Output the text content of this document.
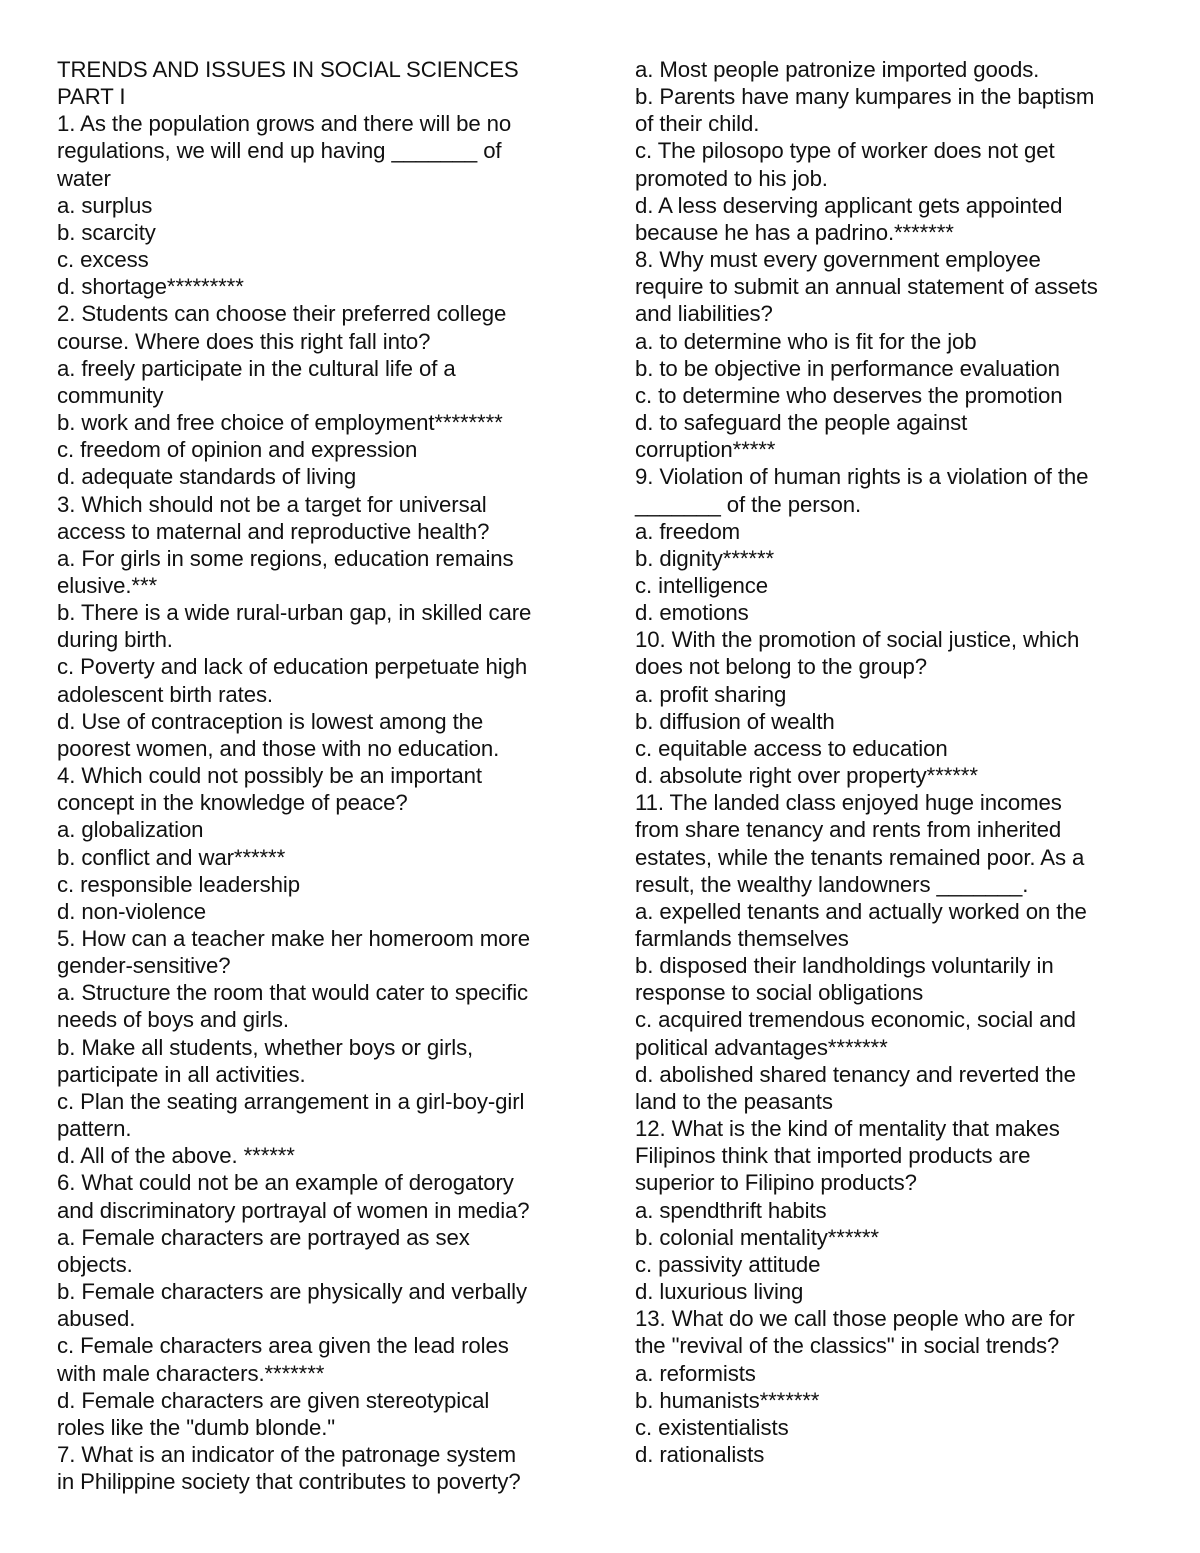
TRENDS AND ISSUES IN SOCIAL SCIENCES
PART I
1. As the population grows and there will be no
regulations, we will end up having _______ of
water
a. surplus
b. scarcity
c. excess
d. shortage*********
2. Students can choose their preferred college
course. Where does this right fall into?
a. freely participate in the cultural life of a
community
b. work and free choice of employment********
c. freedom of opinion and expression
d. adequate standards of living
3. Which should not be a target for universal
access to maternal and reproductive health?
a. For girls in some regions, education remains
elusive.***
b. There is a wide rural-urban gap, in skilled care
during birth.
c. Poverty and lack of education perpetuate high
adolescent birth rates.
d. Use of contraception is lowest among the
poorest women, and those with no education.
4. Which could not possibly be an important
concept in the knowledge of peace?
a. globalization
b. conflict and war******
c. responsible leadership
d. non-violence
5. How can a teacher make her homeroom more
gender-sensitive?
a. Structure the room that would cater to specific
needs of boys and girls.
b. Make all students, whether boys or girls,
participate in all activities.
c. Plan the seating arrangement in a girl-boy-girl
pattern.
d. All of the above. ******
6. What could not be an example of derogatory
and discriminatory portrayal of women in media?
a. Female characters are portrayed as sex
objects.
b. Female characters are physically and verbally
abused.
c. Female characters area given the lead roles
with male characters.*******
d. Female characters are given stereotypical
roles like the "dumb blonde."
7. What is an indicator of the patronage system
in Philippine society that contributes to poverty?
a. Most people patronize imported goods.
b. Parents have many kumpares in the baptism
of their child.
c. The pilosopo type of worker does not get
promoted to his job.
d. A less deserving applicant gets appointed
because he has a padrino.*******
8. Why must every government employee
require to submit an annual statement of assets
and liabilities?
a. to determine who is fit for the job
b. to be objective in performance evaluation
c. to determine who deserves the promotion
d. to safeguard the people against
corruption*****
9. Violation of human rights is a violation of the
_______ of the person.
a. freedom
b. dignity******
c. intelligence
d. emotions
10. With the promotion of social justice, which
does not belong to the group?
a. profit sharing
b. diffusion of wealth
c. equitable access to education
d. absolute right over property******
11. The landed class enjoyed huge incomes
from share tenancy and rents from inherited
estates, while the tenants remained poor. As a
result, the wealthy landowners _______.
a. expelled tenants and actually worked on the
farmlands themselves
b. disposed their landholdings voluntarily in
response to social obligations
c. acquired tremendous economic, social and
political advantages*******
d. abolished shared tenancy and reverted the
land to the peasants
12. What is the kind of mentality that makes
Filipinos think that imported products are
superior to Filipino products?
a. spendthrift habits
b. colonial mentality******
c. passivity attitude
d. luxurious living
13. What do we call those people who are for
the "revival of the classics" in social trends?
a. reformists
b. humanists*******
c. existentialists
d. rationalists
